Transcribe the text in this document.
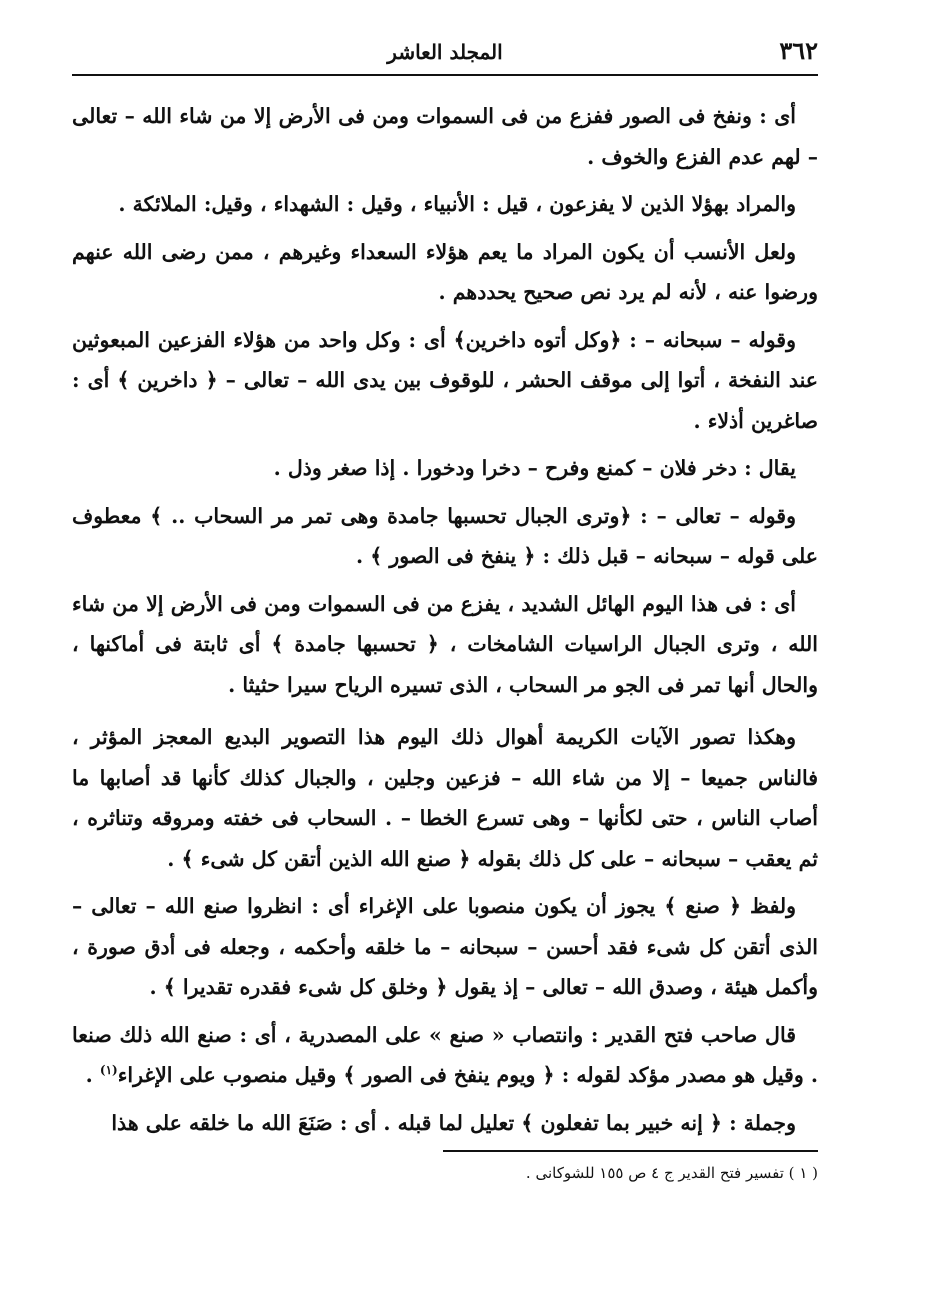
٣٦٢
المجلد العاشر

أى : ونفخ فى الصور ففزع من فى السموات ومن فى الأرض إلا من شاء الله – تعالى – لهم عدم الفزع والخوف .

والمراد بهؤلا الذين لا يفزعون ، قيل : الأنبياء ، وقيل : الشهداء ، وقيل: الملائكة .

ولعل الأنسب أن يكون المراد ما يعم هؤلاء السعداء وغيرهم ، ممن رضى الله عنهم ورضوا عنه ، لأنه لم يرد نص صحيح يحددهم .

وقوله – سبحانه – : ﴿وكل أتوه داخرين﴾ أى : وكل واحد من هؤلاء الفزعين المبعوثين عند النفخة ، أتوا إلى موقف الحشر ، للوقوف بين يدى الله – تعالى – ﴿ داخرين ﴾ أى : صاغرين أذلاء .

يقال : دخر فلان – كمنع وفرح – دخرا ودخورا . إذا صغر وذل .

وقوله – تعالى – : ﴿وترى الجبال تحسبها جامدة وهى تمر مر السحاب .. ﴾ معطوف على قوله – سبحانه – قبل ذلك : ﴿ ينفخ فى الصور ﴾ .

أى : فى هذا اليوم الهائل الشديد ، يفزع من فى السموات ومن فى الأرض إلا من شاء الله ، وترى الجبال الراسيات الشامخات ، ﴿ تحسبها جامدة ﴾ أى ثابتة فى أماكنها ، والحال أنها تمر فى الجو مر السحاب ، الذى تسيره الرياح سيرا حثيثا .

وهكذا تصور الآيات الكريمة أهوال ذلك اليوم هذا التصوير البديع المعجز المؤثر ، فالناس جميعا – إلا من شاء الله – فزعين وجلين ، والجبال كذلك كأنها قد أصابها ما أصاب الناس ، حتى لكأنها – وهى تسرع الخطا – . السحاب فى خفته ومروقه وتناثره ، ثم يعقب – سبحانه – على كل ذلك بقوله ﴿ صنع الله الذين أتقن كل شىء ﴾ .

ولفظ ﴿ صنع ﴾ يجوز أن يكون منصوبا على الإغراء أى : انظروا صنع الله – تعالى – الذى أتقن كل شىء فقد أحسن – سبحانه – ما خلقه وأحكمه ، وجعله فى أدق صورة ، وأكمل هيئة ، وصدق الله – تعالى – إذ يقول ﴿ وخلق كل شىء فقدره تقديرا ﴾ .

قال صاحب فتح القدير : وانتصاب « صنع » على المصدرية ، أى : صنع الله ذلك صنعا . وقيل هو مصدر مؤكد لقوله : ﴿ ويوم ينفخ فى الصور ﴾ وقيل منصوب على الإغراء$^{(١)}$ .

وجملة : ﴿ إنه خبير بما تفعلون ﴾ تعليل لما قبله . أى : صَنَعَ الله ما خلقه على هذا

( ١ ) تفسير فتح القدير ج ٤ ص ١٥٥ للشوكانى .
